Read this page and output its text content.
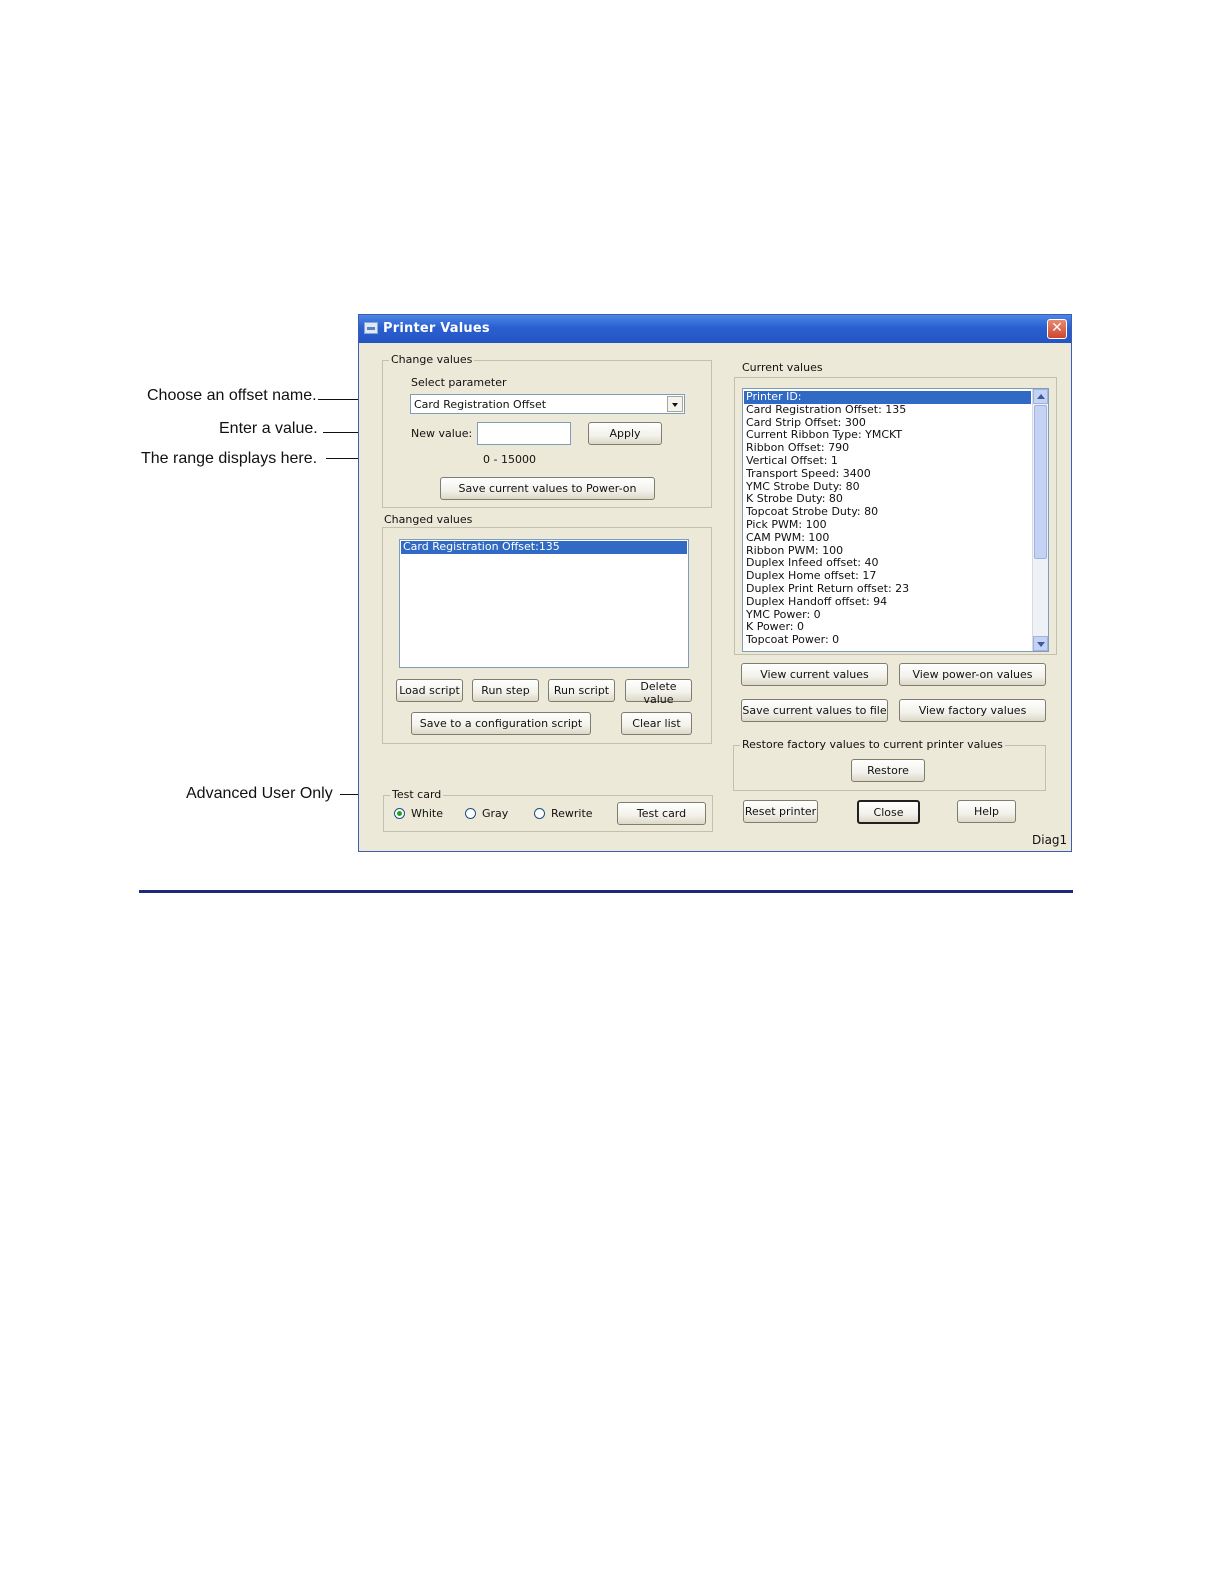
Choose an offset name.
Enter a value.
The range displays here.
Advanced User Only
Printer Values	✕
Change values
Select parameter
Card Registration Offset
New value:	Apply
0 - 15000
Save current values to Power-on
Changed values
Card Registration Offset:135
Load script	Run step	Run script	Delete value
Save to a configuration script	Clear list
Test card
White	Gray	Rewrite	Test card
Current values
Printer ID:
Card Registration Offset: 135
Card Strip Offset: 300
Current Ribbon Type: YMCKT
Ribbon Offset: 790
Vertical Offset: 1
Transport Speed: 3400
YMC Strobe Duty: 80
K Strobe Duty: 80
Topcoat Strobe Duty: 80
Pick PWM: 100
CAM PWM: 100
Ribbon PWM: 100
Duplex Infeed offset: 40
Duplex Home offset: 17
Duplex Print Return offset: 23
Duplex Handoff offset: 94
YMC Power: 0
K Power: 0
Topcoat Power: 0
View current values	View power-on values
Save current values to file	View factory values
Restore factory values to current printer values
Restore
Reset printer	Close	Help
Diag1
